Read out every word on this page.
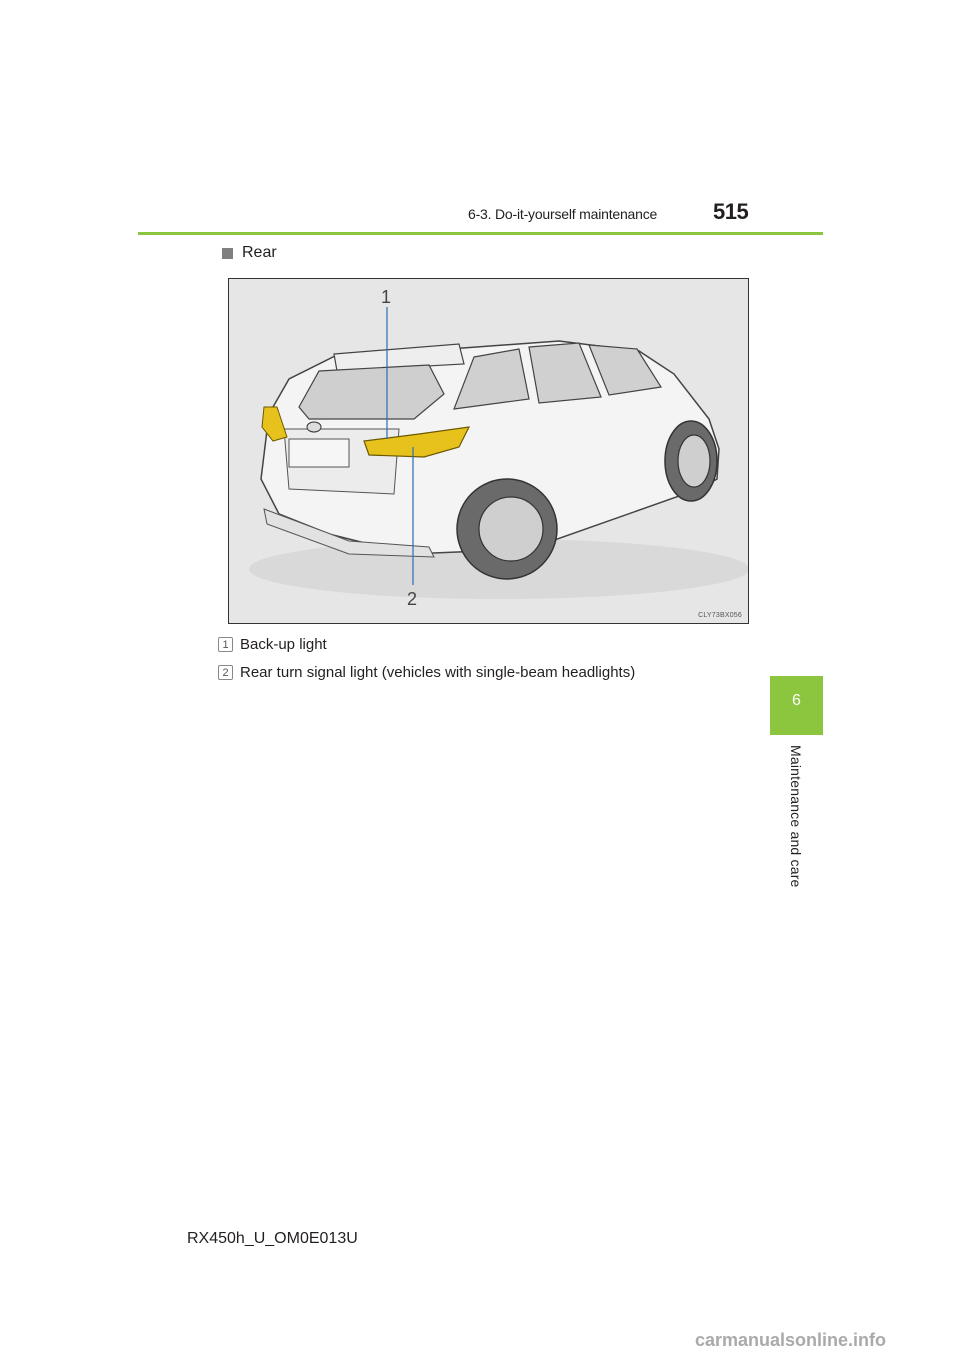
6-3. Do-it-yourself maintenance	515
6
Maintenance and care
Rear
1
2
CLY73BX056
1 Back-up light
2 Rear turn signal light (vehicles with single-beam headlights)
RX450h_U_OM0E013U
carmanualsonline.info
